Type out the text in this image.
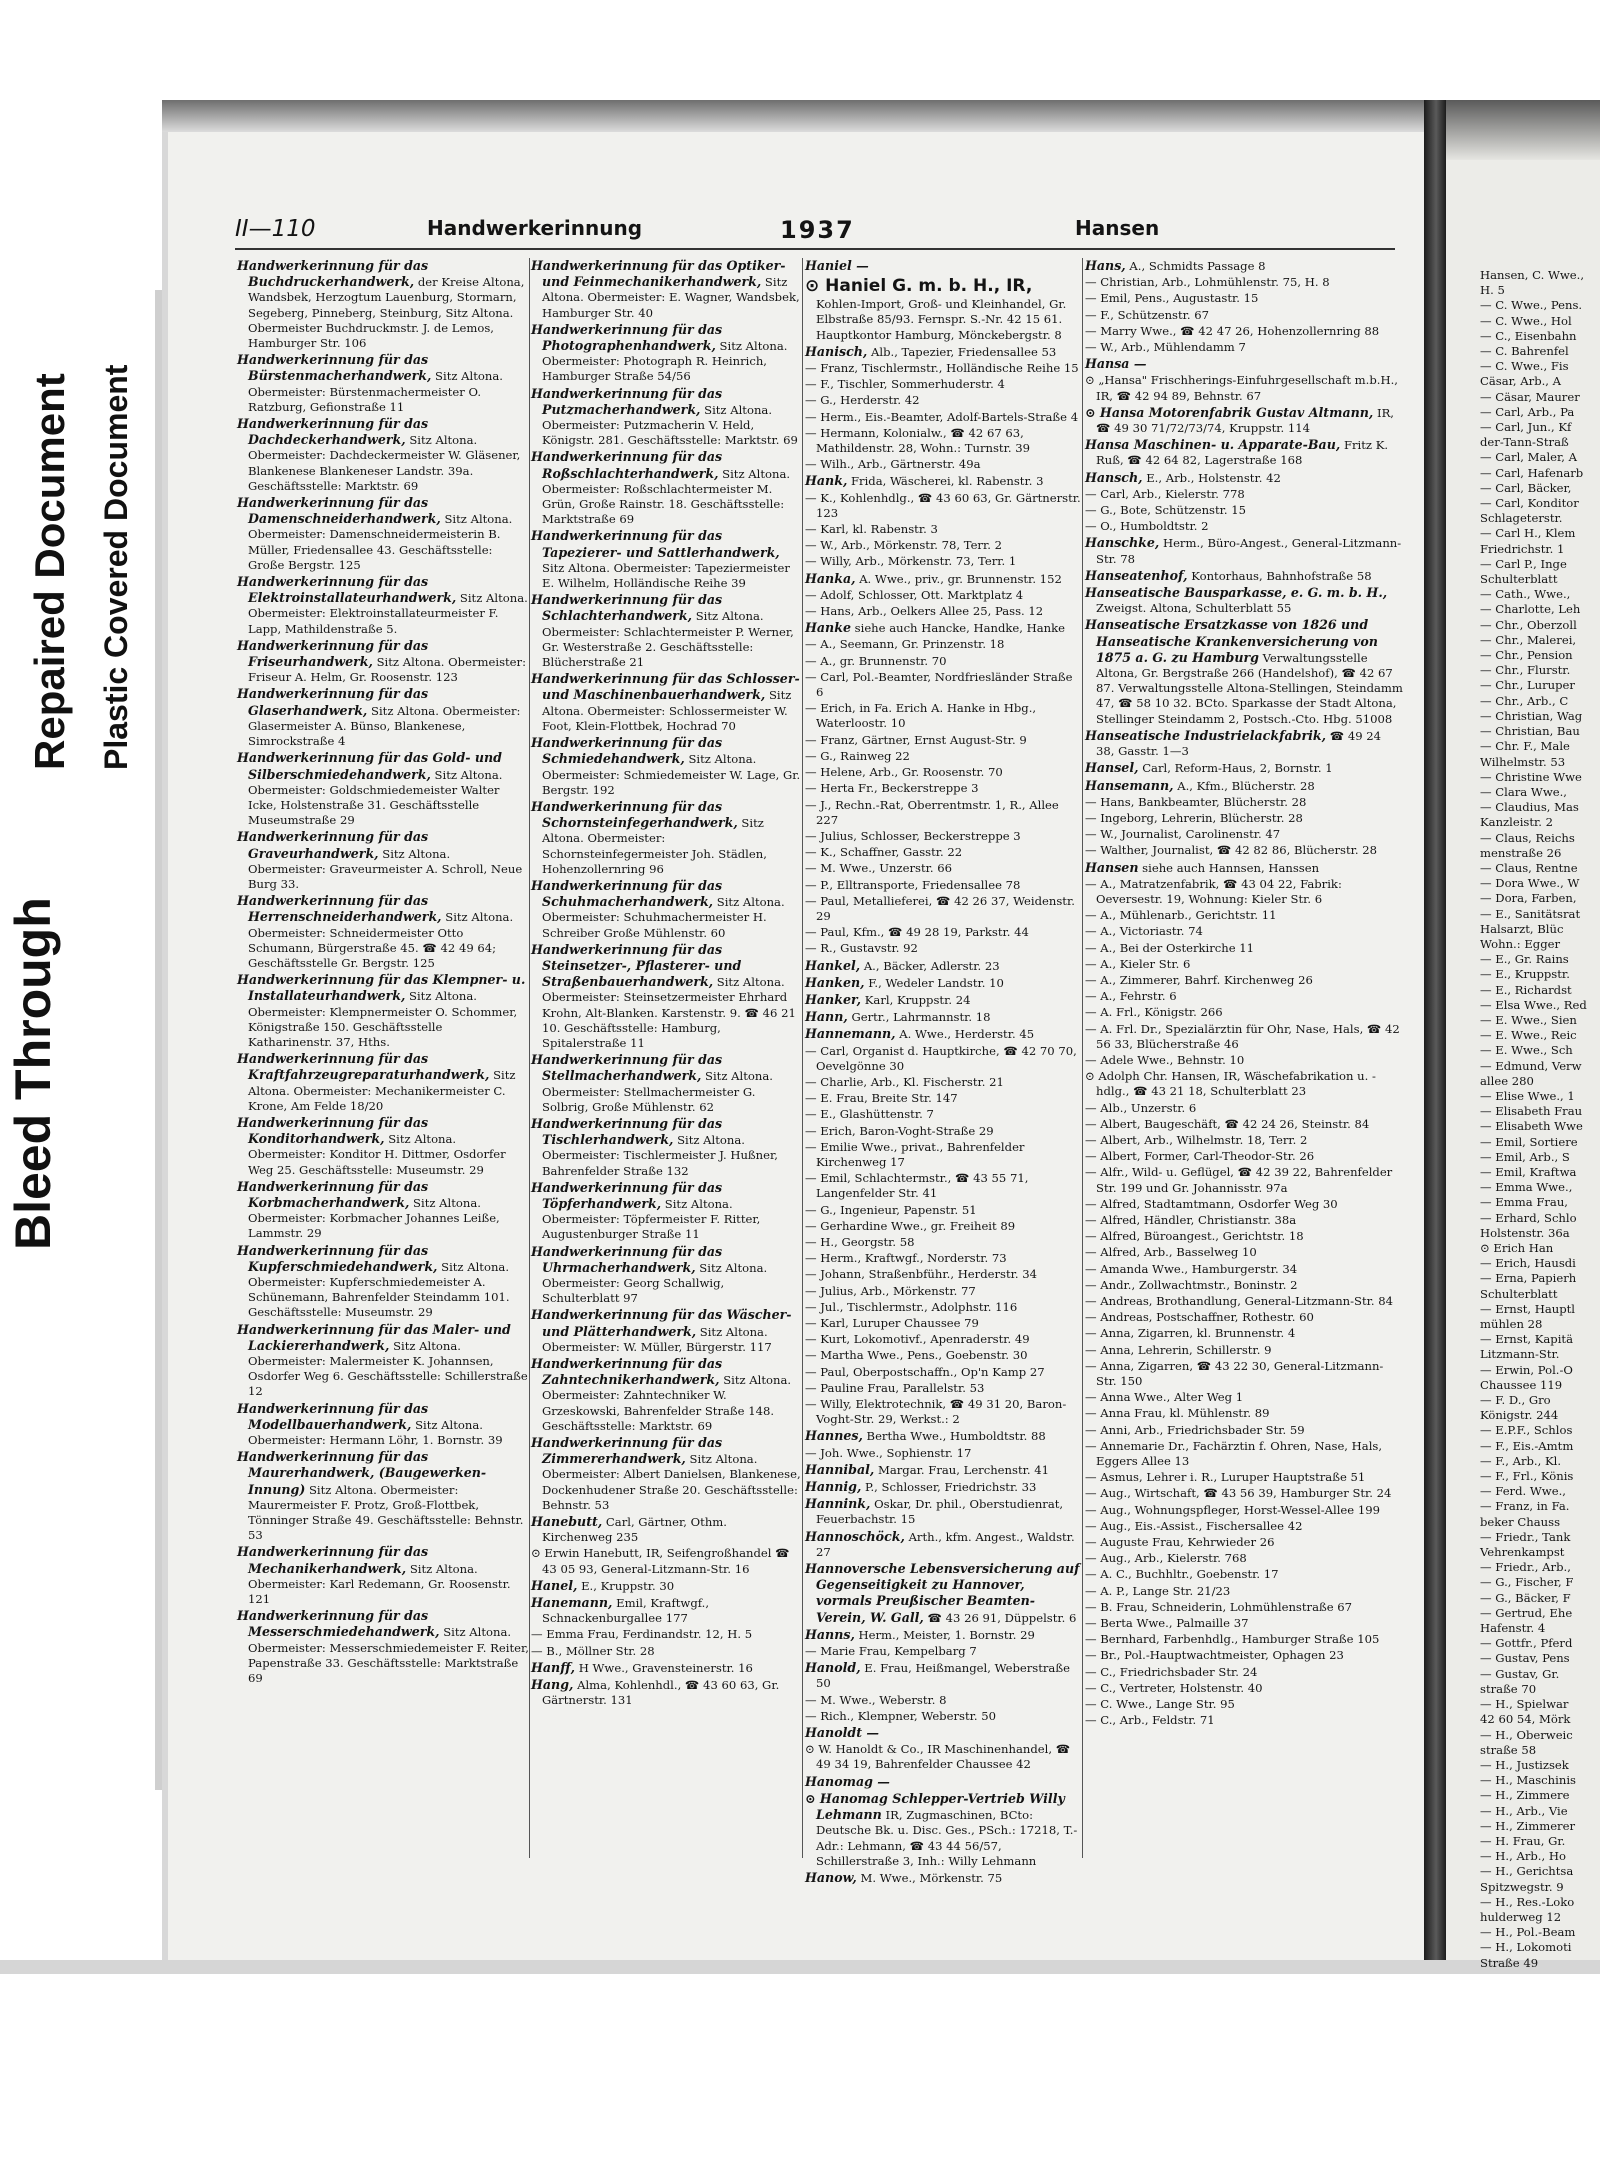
Bleed Through
Repaired Document Plastic Covered Document
II—110	Handwerkerinnung	1937	Hansen
Handwerkerinnung für das Buchdruckerhandwerk, der Kreise Altona, Wandsbek, Herzogtum Lauenburg, Stormarn, Segeberg, Pinneberg, Steinburg, Sitz Altona. Obermeister Buchdruckmstr. J. de Lemos, Hamburger Str. 106
Handwerkerinnung für das Bürstenmacherhandwerk, Sitz Altona. Obermeister: Bürstenmachermeister O. Ratzburg, Gefionstraße 11
Handwerkerinnung für das Dachdeckerhandwerk, Sitz Altona. Obermeister: Dachdeckermeister W. Gläsener, Blankenese Blankeneser Landstr. 39a. Geschäftsstelle: Marktstr. 69
Handwerkerinnung für das Damenschneiderhandwerk, Sitz Altona. Obermeister: Damenschneidermeisterin B. Müller, Friedensallee 43. Geschäftsstelle: Große Bergstr. 125
Handwerkerinnung für das Elektroinstallateurhandwerk, Sitz Altona. Obermeister: Elektroinstallateurmeister F. Lapp, Mathildenstraße 5.
Handwerkerinnung für das Friseurhandwerk, Sitz Altona. Obermeister: Friseur A. Helm, Gr. Roosenstr. 123
Handwerkerinnung für das Glaserhandwerk, Sitz Altona. Obermeister: Glasermeister A. Bünso, Blankenese, Simrockstraße 4
Handwerkerinnung für das Gold- und Silberschmiedehandwerk, Sitz Altona. Obermeister: Goldschmiedemeister Walter Icke, Holstenstraße 31. Geschäftsstelle Museumstraße 29
Handwerkerinnung für das Graveurhandwerk, Sitz Altona. Obermeister: Graveurmeister A. Schroll, Neue Burg 33.
Handwerkerinnung für das Herrenschneiderhandwerk, Sitz Altona. Obermeister: Schneidermeister Otto Schumann, Bürgerstraße 45. ☎ 42 49 64; Geschäftsstelle Gr. Bergstr. 125
Handwerkerinnung für das Klempner- u. Installateurhandwerk, Sitz Altona. Obermeister: Klempnermeister O. Schommer, Königstraße 150. Geschäftsstelle Katharinenstr. 37, Hths.
Handwerkerinnung für das Kraftfahrzeugreparaturhandwerk, Sitz Altona. Obermeister: Mechanikermeister C. Krone, Am Felde 18/20
Handwerkerinnung für das Konditorhandwerk, Sitz Altona. Obermeister: Konditor H. Dittmer, Osdorfer Weg 25. Geschäftsstelle: Museumstr. 29
Handwerkerinnung für das Korbmacherhandwerk, Sitz Altona. Obermeister: Korbmacher Johannes Leiße, Lammstr. 29
Handwerkerinnung für das Kupferschmiedehandwerk, Sitz Altona. Obermeister: Kupferschmiedemeister A. Schünemann, Bahrenfelder Steindamm 101. Geschäftsstelle: Museumstr. 29
Handwerkerinnung für das Maler- und Lackiererhandwerk, Sitz Altona. Obermeister: Malermeister K. Johannsen, Osdorfer Weg 6. Geschäftsstelle: Schillerstraße 12
Handwerkerinnung für das Modellbauerhandwerk, Sitz Altona. Obermeister: Hermann Löhr, 1. Bornstr. 39
Handwerkerinnung für das Maurerhandwerk, (Baugewerken-Innung) Sitz Altona. Obermeister: Maurermeister F. Protz, Groß-Flottbek, Tönninger Straße 49. Geschäftsstelle: Behnstr. 53
Handwerkerinnung für das Mechanikerhandwerk, Sitz Altona. Obermeister: Karl Redemann, Gr. Roosenstr. 121
Handwerkerinnung für das Messerschmiedehandwerk, Sitz Altona. Obermeister: Messerschmiedemeister F. Reiter, Papenstraße 33. Geschäftsstelle: Marktstraße 69
Handwerkerinnung für das Optiker- und Feinmechanikerhandwerk, Sitz Altona. Obermeister: E. Wagner, Wandsbek, Hamburger Str. 40
Handwerkerinnung für das Photographenhandwerk, Sitz Altona. Obermeister: Photograph R. Heinrich, Hamburger Straße 54/56
Handwerkerinnung für das Putzmacherhandwerk, Sitz Altona. Obermeister: Putzmacherin V. Held, Königstr. 281. Geschäftsstelle: Marktstr. 69
Handwerkerinnung für das Roßschlachterhandwerk, Sitz Altona. Obermeister: Roßschlachtermeister M. Grün, Große Rainstr. 18. Geschäftsstelle: Marktstraße 69
Handwerkerinnung für das Tapezierer- und Sattlerhandwerk, Sitz Altona. Obermeister: Tapeziermeister E. Wilhelm, Holländische Reihe 39
Handwerkerinnung für das Schlachterhandwerk, Sitz Altona. Obermeister: Schlachtermeister P. Werner, Gr. Westerstraße 2. Geschäftsstelle: Blücherstraße 21
Handwerkerinnung für das Schlosser- und Maschinenbauerhandwerk, Sitz Altona. Obermeister: Schlossermeister W. Foot, Klein-Flottbek, Hochrad 70
Handwerkerinnung für das Schmiedehandwerk, Sitz Altona. Obermeister: Schmiedemeister W. Lage, Gr. Bergstr. 192
Handwerkerinnung für das Schornsteinfegerhandwerk, Sitz Altona. Obermeister: Schornsteinfegermeister Joh. Städlen, Hohenzollernring 96
Handwerkerinnung für das Schuhmacherhandwerk, Sitz Altona. Obermeister: Schuhmachermeister H. Schreiber Große Mühlenstr. 60
Handwerkerinnung für das Steinsetzer-, Pflasterer- und Straßenbauerhandwerk, Sitz Altona. Obermeister: Steinsetzermeister Ehrhard Krohn, Alt-Blanken. Karstenstr. 9. ☎ 46 21 10. Geschäftsstelle: Hamburg, Spitalerstraße 11
Handwerkerinnung für das Stellmacherhandwerk, Sitz Altona. Obermeister: Stellmachermeister G. Solbrig, Große Mühlenstr. 62
Handwerkerinnung für das Tischlerhandwerk, Sitz Altona. Obermeister: Tischlermeister J. Hußner, Bahrenfelder Straße 132
Handwerkerinnung für das Töpferhandwerk, Sitz Altona. Obermeister: Töpfermeister F. Ritter, Augustenburger Straße 11
Handwerkerinnung für das Uhrmacherhandwerk, Sitz Altona. Obermeister: Georg Schallwig, Schulterblatt 97
Handwerkerinnung für das Wäscher- und Plätterhandwerk, Sitz Altona. Obermeister: W. Müller, Bürgerstr. 117
Handwerkerinnung für das Zahntechnikerhandwerk, Sitz Altona. Obermeister: Zahntechniker W. Grzeskowski, Bahrenfelder Straße 148. Geschäftsstelle: Marktstr. 69
Handwerkerinnung für das Zimmererhandwerk, Sitz Altona. Obermeister: Albert Danielsen, Blankenese, Dockenhudener Straße 20. Geschäftsstelle: Behnstr. 53
Hanebutt, Carl, Gärtner, Othm. Kirchenweg 235
⊙ Erwin Hanebutt, IR, Seifengroßhandel ☎ 43 05 93, General-Litzmann-Str. 16
Hanel, E., Kruppstr. 30
Hanemann, Emil, Kraftwgf., Schnackenburgallee 177
— Emma Frau, Ferdinandstr. 12, H. 5
— B., Möllner Str. 28
Hanff, H Wwe., Gravensteinerstr. 16
Hang, Alma, Kohlenhdl., ☎ 43 60 63, Gr. Gärtnerstr. 131
Haniel —
⊙ Haniel G. m. b. H., IR,
Kohlen-Import, Groß- und Kleinhandel, Gr. Elbstraße 85/93. Fernspr. S.-Nr. 42 15 61. Hauptkontor Hamburg, Mönckebergstr. 8
Hanisch, Alb., Tapezier, Friedensallee 53
— Franz, Tischlermstr., Holländische Reihe 15
— F., Tischler, Sommerhuderstr. 4
— G., Herderstr. 42
— Herm., Eis.-Beamter, Adolf-Bartels-Straße 4
— Hermann, Kolonialw., ☎ 42 67 63, Mathildenstr. 28, Wohn.: Turnstr. 39
— Wilh., Arb., Gärtnerstr. 49a
Hank, Frida, Wäscherei, kl. Rabenstr. 3
— K., Kohlenhdlg., ☎ 43 60 63, Gr. Gärtnerstr. 123
— Karl, kl. Rabenstr. 3
— W., Arb., Mörkenstr. 78, Terr. 2
— Willy, Arb., Mörkenstr. 73, Terr. 1
Hanka, A. Wwe., priv., gr. Brunnenstr. 152
— Adolf, Schlosser, Ott. Marktplatz 4
— Hans, Arb., Oelkers Allee 25, Pass. 12
Hanke siehe auch Hancke, Handke, Hanke
— A., Seemann, Gr. Prinzenstr. 18
— A., gr. Brunnenstr. 70
— Carl, Pol.-Beamter, Nordfriesländer Straße 6
— Erich, in Fa. Erich A. Hanke in Hbg., Waterloostr. 10
— Franz, Gärtner, Ernst August-Str. 9
— G., Rainweg 22
— Helene, Arb., Gr. Roosenstr. 70
— Herta Fr., Beckerstreppe 3
— J., Rechn.-Rat, Oberrentmstr. 1, R., Allee 227
— Julius, Schlosser, Beckerstreppe 3
— K., Schaffner, Gasstr. 22
— M. Wwe., Unzerstr. 66
— P., Elltransporte, Friedensallee 78
— Paul, Metallieferei, ☎ 42 26 37, Weidenstr. 29
— Paul, Kfm., ☎ 49 28 19, Parkstr. 44
— R., Gustavstr. 92
Hankel, A., Bäcker, Adlerstr. 23
Hanken, F., Wedeler Landstr. 10
Hanker, Karl, Kruppstr. 24
Hann, Gertr., Lahrmannstr. 18
Hannemann, A. Wwe., Herderstr. 45
— Carl, Organist d. Hauptkirche, ☎ 42 70 70, Oevelgönne 30
— Charlie, Arb., Kl. Fischerstr. 21
— E. Frau, Breite Str. 147
— E., Glashüttenstr. 7
— Erich, Baron-Voght-Straße 29
— Emilie Wwe., privat., Bahrenfelder Kirchenweg 17
— Emil, Schlachtermstr., ☎ 43 55 71, Langenfelder Str. 41
— G., Ingenieur, Papenstr. 51
— Gerhardine Wwe., gr. Freiheit 89
— H., Georgstr. 58
— Herm., Kraftwgf., Norderstr. 73
— Johann, Straßenbführ., Herderstr. 34
— Julius, Arb., Mörkenstr. 77
— Jul., Tischlermstr., Adolphstr. 116
— Karl, Luruper Chaussee 79
— Kurt, Lokomotivf., Apenraderstr. 49
— Martha Wwe., Pens., Goebenstr. 30
— Paul, Oberpostschaffn., Op'n Kamp 27
— Pauline Frau, Parallelstr. 53
— Willy, Elektrotechnik, ☎ 49 31 20, Baron-Voght-Str. 29, Werkst.: 2
Hannes, Bertha Wwe., Humboldtstr. 88
— Joh. Wwe., Sophienstr. 17
Hannibal, Margar. Frau, Lerchenstr. 41
Hannig, P., Schlosser, Friedrichstr. 33
Hannink, Oskar, Dr. phil., Oberstudienrat, Feuerbachstr. 15
Hannoschöck, Arth., kfm. Angest., Waldstr. 27
Hannoversche Lebensversicherung auf Gegenseitigkeit zu Hannover, vormals Preußischer Beamten-Verein, W. Gall, ☎ 43 26 91, Düppelstr. 6
Hanns, Herm., Meister, 1. Bornstr. 29
— Marie Frau, Kempelbarg 7
Hanold, E. Frau, Heißmangel, Weberstraße 50
— M. Wwe., Weberstr. 8
— Rich., Klempner, Weberstr. 50
Hanoldt —
⊙ W. Hanoldt & Co., IR Maschinenhandel, ☎ 49 34 19, Bahrenfelder Chaussee 42
Hanomag —
⊙ Hanomag Schlepper-Vertrieb Willy Lehmann IR, Zugmaschinen, BCto: Deutsche Bk. u. Disc. Ges., PSch.: 17218, T.-Adr.: Lehmann, ☎ 43 44 56/57, Schillerstraße 3, Inh.: Willy Lehmann
Hanow, M. Wwe., Mörkenstr. 75
Hans, A., Schmidts Passage 8
— Christian, Arb., Lohmühlenstr. 75, H. 8
— Emil, Pens., Augustastr. 15
— F., Schützenstr. 67
— Marry Wwe., ☎ 42 47 26, Hohenzollernring 88
— W., Arb., Mühlendamm 7
Hansa —
⊙ „Hansa" Frischherings-Einfuhrgesellschaft m.b.H., IR, ☎ 42 94 89, Behnstr. 67
⊙ Hansa Motorenfabrik Gustav Altmann, IR, ☎ 49 30 71/72/73/74, Kruppstr. 114
Hansa Maschinen- u. Apparate-Bau, Fritz K. Ruß, ☎ 42 64 82, Lagerstraße 168
Hansch, E., Arb., Holstenstr. 42
— Carl, Arb., Kielerstr. 778
— G., Bote, Schützenstr. 15
— O., Humboldtstr. 2
Hanschke, Herm., Büro-Angest., General-Litzmann-Str. 78
Hanseatenhof, Kontorhaus, Bahnhofstraße 58
Hanseatische Bausparkasse, e. G. m. b. H., Zweigst. Altona, Schulterblatt 55
Hanseatische Ersatzkasse von 1826 und Hanseatische Krankenversicherung von 1875 a. G. zu Hamburg Verwaltungsstelle Altona, Gr. Bergstraße 266 (Handelshof), ☎ 42 67 87. Verwaltungsstelle Altona-Stellingen, Steindamm 47, ☎ 58 10 32. BCto. Sparkasse der Stadt Altona, Stellinger Steindamm 2, Postsch.-Cto. Hbg. 51008
Hanseatische Industrielackfabrik, ☎ 49 24 38, Gasstr. 1—3
Hansel, Carl, Reform-Haus, 2, Bornstr. 1
Hansemann, A., Kfm., Blücherstr. 28
— Hans, Bankbeamter, Blücherstr. 28
— Ingeborg, Lehrerin, Blücherstr. 28
— W., Journalist, Carolinenstr. 47
— Walther, Journalist, ☎ 42 82 86, Blücherstr. 28
Hansen siehe auch Hannsen, Hanssen
— A., Matratzenfabrik, ☎ 43 04 22, Fabrik: Oeversestr. 19, Wohnung: Kieler Str. 6
— A., Mühlenarb., Gerichtstr. 11
— A., Victoriastr. 74
— A., Bei der Osterkirche 11
— A., Kieler Str. 6
— A., Zimmerer, Bahrf. Kirchenweg 26
— A., Fehrstr. 6
— A. Frl., Königstr. 266
— A. Frl. Dr., Spezialärztin für Ohr, Nase, Hals, ☎ 42 56 33, Blücherstraße 46
— Adele Wwe., Behnstr. 10
⊙ Adolph Chr. Hansen, IR, Wäschefabrikation u. -hdlg., ☎ 43 21 18, Schulterblatt 23
— Alb., Unzerstr. 6
— Albert, Baugeschäft, ☎ 42 24 26, Steinstr. 84
— Albert, Arb., Wilhelmstr. 18, Terr. 2
— Albert, Former, Carl-Theodor-Str. 26
— Alfr., Wild- u. Geflügel, ☎ 42 39 22, Bahrenfelder Str. 199 und Gr. Johannisstr. 97a
— Alfred, Stadtamtmann, Osdorfer Weg 30
— Alfred, Händler, Christianstr. 38a
— Alfred, Büroangest., Gerichtstr. 18
— Alfred, Arb., Basselweg 10
— Amanda Wwe., Hamburgerstr. 34
— Andr., Zollwachtmstr., Boninstr. 2
— Andreas, Brothandlung, General-Litzmann-Str. 84
— Andreas, Postschaffner, Rothestr. 60
— Anna, Zigarren, kl. Brunnenstr. 4
— Anna, Lehrerin, Schillerstr. 9
— Anna, Zigarren, ☎ 43 22 30, General-Litzmann-Str. 150
— Anna Wwe., Alter Weg 1
— Anna Frau, kl. Mühlenstr. 89
— Anni, Arb., Friedrichsbader Str. 59
— Annemarie Dr., Fachärztin f. Ohren, Nase, Hals, Eggers Allee 13
— Asmus, Lehrer i. R., Luruper Hauptstraße 51
— Aug., Wirtschaft, ☎ 43 56 39, Hamburger Str. 24
— Aug., Wohnungspfleger, Horst-Wessel-Allee 199
— Aug., Eis.-Assist., Fischersallee 42
— Auguste Frau, Kehrwieder 26
— Aug., Arb., Kielerstr. 768
— A. C., Buchhltr., Goebenstr. 17
— A. P., Lange Str. 21/23
— B. Frau, Schneiderin, Lohmühlenstraße 67
— Berta Wwe., Palmaille 37
— Bernhard, Farbenhdlg., Hamburger Straße 105
— Br., Pol.-Hauptwachtmeister, Ophagen 23
— C., Friedrichsbader Str. 24
— C., Vertreter, Holstenstr. 40
— C. Wwe., Lange Str. 95
— C., Arb., Feldstr. 71
Hansen, C. Wwe.,
H. 5
— C. Wwe., Pens.
— C. Wwe., Hol
— C., Eisenbahn
— C. Bahrenfel
— C. Wwe., Fis
Cäsar, Arb., A
— Cäsar, Maurer
— Carl, Arb., Pa
— Carl, Jun., Kf
der-Tann-Straß
— Carl, Maler, A
— Carl, Hafenarb
— Carl, Bäcker,
— Carl, Konditor
Schlageterstr.
— Carl H., Klem
Friedrichstr. 1
— Carl P., Inge
Schulterblatt
— Cath., Wwe.,
— Charlotte, Leh
— Chr., Oberzoll
— Chr., Malerei,
— Chr., Pension
— Chr., Flurstr.
— Chr., Luruper
— Chr., Arb., C
— Christian, Wag
— Christian, Bau
— Chr. F., Male
Wilhelmstr. 53
— Christine Wwe
— Clara Wwe.,
— Claudius, Mas
Kanzleistr. 2
— Claus, Reichs
menstraße 26
— Claus, Rentne
— Dora Wwe., W
— Dora, Farben,
— E., Sanitätsrat
Halsarzt, Blüc
Wohn.: Egger
— E., Gr. Rains
— E., Kruppstr.
— E., Richardst
— Elsa Wwe., Red
— E. Wwe., Sien
— E. Wwe., Reic
— E. Wwe., Sch
— Edmund, Verw
allee 280
— Elise Wwe., 1
— Elisabeth Frau
— Elisabeth Wwe
— Emil, Sortiere
— Emil, Arb., S
— Emil, Kraftwa
— Emma Wwe.,
— Emma Frau,
— Erhard, Schlo
Holstenstr. 36a
⊙ Erich Han
— Erich, Hausdi
— Erna, Papierh
Schulterblatt
— Ernst, Hauptl
mühlen 28
— Ernst, Kapitä
Litzmann-Str.
— Erwin, Pol.-O
Chaussee 119
— F. D., Gro
Königstr. 244
— E.P.F., Schlos
— F., Eis.-Amtm
— F., Arb., Kl.
— F., Frl., Könis
— Ferd. Wwe.,
— Franz, in Fa.
beker Chauss
— Friedr., Tank
Vehrenkampst
— Friedr., Arb.,
— G., Fischer, F
— G., Bäcker, F
— Gertrud, Ehe
Hafenstr. 4
— Gottfr., Pferd
— Gustav, Pens
— Gustav, Gr.
straße 70
— H., Spielwar
42 60 54, Mörk
— H., Oberweic
straße 58
— H., Justizsek
— H., Maschinis
— H., Zimmere
— H., Arb., Vie
— H., Zimmerer
— H. Frau, Gr.
— H., Arb., Ho
— H., Gerichtsa
Spitzwegstr. 9
— H., Res.-Loko
hulderweg 12
— H., Pol.-Beam
— H., Lokomoti
Straße 49
